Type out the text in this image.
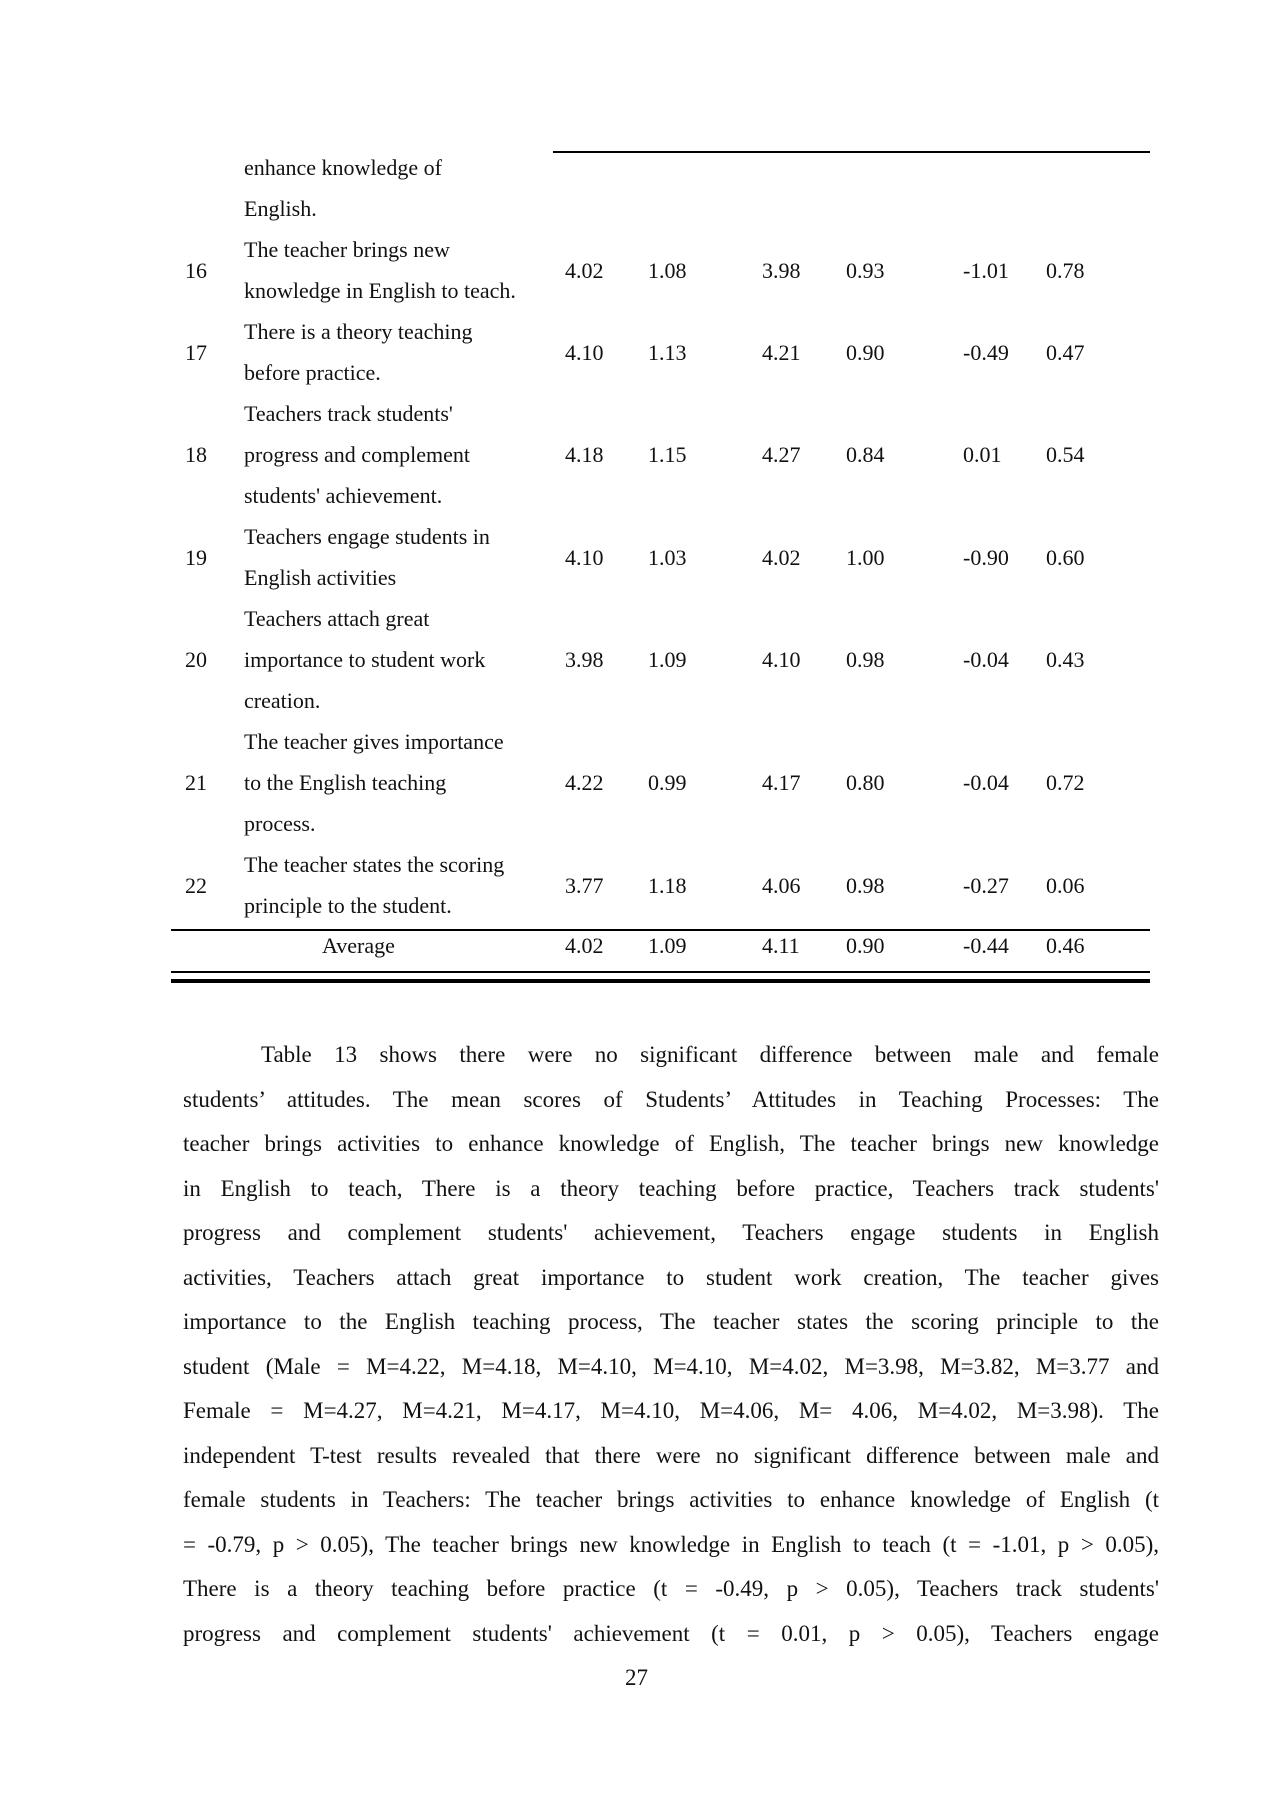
enhance knowledge of
English.
The teacher brings new
knowledge in English to teach.
16	4.02 1.08	3.98 0.93	-1.01 0.78
There is a theory teaching
before practice.
17	4.10 1.13	4.21 0.90	-0.49 0.47
Teachers track students'
progress and complement
students' achievement.
18	4.18 1.15	4.27 0.84	0.01 0.54
Teachers engage students in
English activities
19	4.10 1.03	4.02 1.00	-0.90 0.60
Teachers attach great
importance to student work
creation.
20	3.98 1.09	4.10 0.98	-0.04 0.43
The teacher gives importance
to the English teaching
process.
21	4.22 0.99	4.17 0.80	-0.04 0.72
The teacher states the scoring
principle to the student.
22	3.77 1.18	4.06 0.98	-0.27 0.06
Average	4.02 1.09	4.11 0.90	-0.44 0.46
Table 13 shows there were no significant difference between male and female
students’ attitudes. The mean scores of Students’ Attitudes in Teaching Processes: The
teacher brings activities to enhance knowledge of English, The teacher brings new knowledge
in English to teach, There is a theory teaching before practice, Teachers track students'
progress and complement students' achievement, Teachers engage students in English
activities, Teachers attach great importance to student work creation, The teacher gives
importance to the English teaching process, The teacher states the scoring principle to the
student (Male = M=4.22, M=4.18, M=4.10, M=4.10, M=4.02, M=3.98, M=3.82, M=3.77 and
Female = M=4.27, M=4.21, M=4.17, M=4.10, M=4.06, M= 4.06, M=4.02, M=3.98). The
independent T-test results revealed that there were no significant difference between male and
female students in Teachers: The teacher brings activities to enhance knowledge of English (t
= -0.79, p > 0.05), The teacher brings new knowledge in English to teach (t = -1.01, p > 0.05),
There is a theory teaching before practice (t = -0.49, p > 0.05), Teachers track students'
progress and complement students' achievement (t = 0.01, p > 0.05), Teachers engage
27
